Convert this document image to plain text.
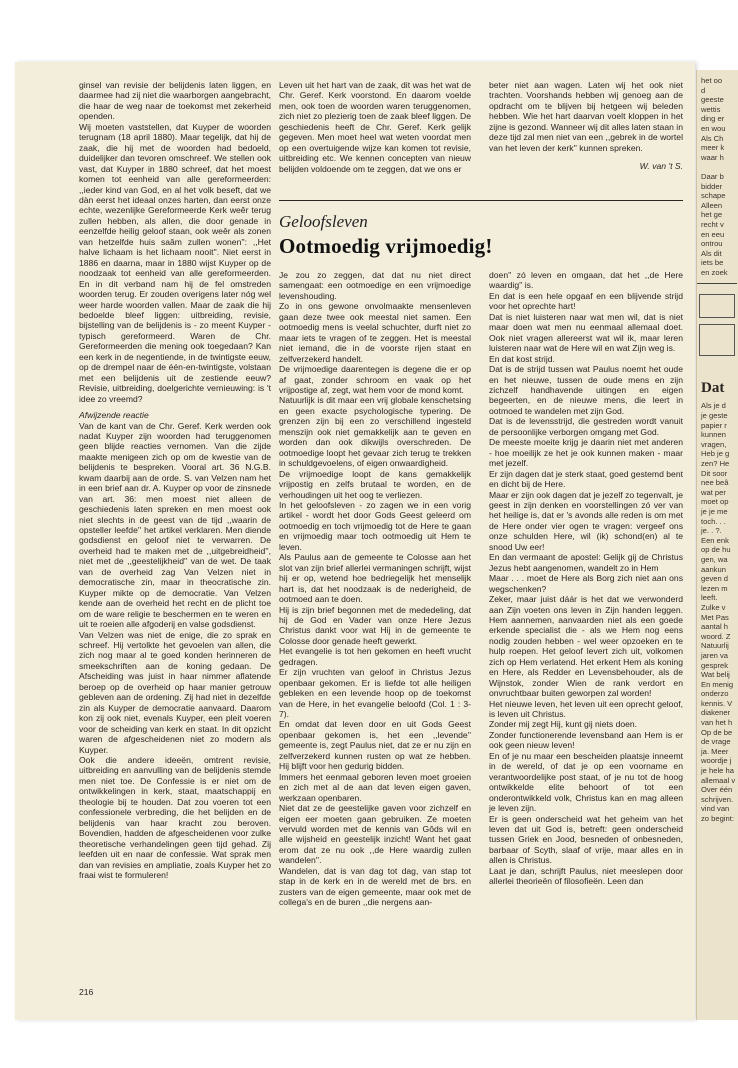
ginsel van revisie der belijdenis laten liggen, en daarmee had zij niet die waarborgen aangebracht, die haar de weg naar de toekomst met zekerheid openden.

Wij moeten vaststellen, dat Kuyper de woorden terugnam (18 april 1880). Maar tegelijk, dat hij de zaak, die hij met de woorden had bedoeld, duidelijker dan tevoren omschreef. We stellen ook vast, dat Kuyper in 1880 schreef, dat het moest komen tot eenheid van alle gereformeerden: ,,ieder kind van God, en al het volk beseft, dat we dàn eerst het ideaal onzes harten, dan eerst onze echte, wezenlijke Gereformeerde Kerk weêr terug zullen hebben, als allen, die door genade in eenzelfde heilig geloof staan, ook weêr als zonen van hetzelfde huis saâm zullen wonen'': ,,Het halve lichaam is het lichaam nooit''. Niet eerst in 1886 en daarna, maar in 1880 wijst Kuyper op de noodzaak tot eenheid van alle gereformeerden. En in dit verband nam hij de fel omstreden woorden terug. Er zouden overigens later nóg wel weer harde woorden vallen. Maar de zaak die hij bedoelde bleef liggen: uitbreiding, revisie, bijstelling van de belijdenis is - zo meent Kuyper - typisch gereformeerd. Waren de Chr. Gereformeerden die mening ook toegedaan? Kan een kerk in de negentiende, in de twintigste eeuw, op de drempel naar de één-en-twintigste, volstaan met een belijdenis uit de zestiende eeuw? Revisie, uitbreiding, doelgerichte vernieuwing: is 't idee zo vreemd?

Afwijzende reactie

Van de kant van de Chr. Geref. Kerk werden ook nadat Kuyper zijn woorden had teruggenomen geen blijde reacties vernomen. Van die zijde maakte menigeen zich op om de kwestie van de belijdenis te bespreken. Vooral art. 36 N.G.B. kwam daarbij aan de orde. S. van Velzen nam het in een brief aan dr. A. Kuyper op voor de zinsnede van art. 36: men moest niet alleen de geschiedenis laten spreken en men moest ook niet slechts in de geest van de tijd ,,waarin de opsteller leefde'' het artikel verklaren. Men diende godsdienst en geloof niet te verwarren. De overheid had te maken met de ,,uitgebreidheid'', niet met de ,,geestelijkheid'' van de wet. De taak van de overheid zag Van Velzen niet in democratische zin, maar in theocratische zin. Kuyper mikte op de democratie. Van Velzen kende aan de overheid het recht en de plicht toe om de ware religie te beschermen en te weren en uit te roeien alle afgoderij en valse godsdienst.

Van Velzen was niet de enige, die zo sprak en schreef. Hij vertolkte het gevoelen van allen, die zich nog maar al te goed konden herinneren de smeekschriften aan de koning gedaan. De Afscheiding was juist in haar nimmer aflatende beroep op de overheid op haar manier getrouw gebleven aan de ordening. Zij had niet in dezelfde zin als Kuyper de democratie aanvaard. Daarom kon zij ook niet, evenals Kuyper, een pleit voeren voor de scheiding van kerk en staat. In dit opzicht waren de afgescheidenen niet zo modern als Kuyper.

Ook die andere ideeën, omtrent revisie, uitbreiding en aanvulling van de belijdenis stemde men niet toe. De Confessie is er niet om de ontwikkelingen in kerk, staat, maatschappij en theologie bij te houden. Dat zou voeren tot een confessionele verbreding, die het belijden en de belijdenis van haar kracht zou beroven. Bovendien, hadden de afgescheidenen voor zulke theoretische verhandelingen geen tijd gehad. Zij leefden uit en naar de confessie. Wat sprak men dan van revisies en ampliatie, zoals Kuyper het zo fraai wist te formuleren!

Leven uit het hart van de zaak, dit was het wat de Chr. Geref. Kerk voorstond. En daarom voelde men, ook toen de woorden waren teruggenomen, zich niet zo plezierig toen de zaak bleef liggen. De geschiedenis heeft de Chr. Geref. Kerk gelijk gegeven. Men moet heel wat weten voordat men op een overtuigende wijze kan komen tot revisie, uitbreiding etc. We kennen concepten van nieuw belijden voldoende om te zeggen, dat we ons er

beter niet aan wagen. Laten wij het ook niet trachten. Voorshands hebben wij genoeg aan de opdracht om te blijven bij hetgeen wij beleden hebben. Wie het hart daarvan voelt kloppen in het zijne is gezond. Wanneer wij dit alles laten staan in deze tijd zal men niet van een ,,gebrek in de wortel van het leven der kerk'' kunnen spreken.

W. van 't S.

Geloofsleven
Ootmoedig vrijmoedig!

Je zou zo zeggen, dat dat nu niet direct samengaat: een ootmoedige en een vrijmoedige levenshouding.

Zo in ons gewone onvolmaakte mensenleven gaan deze twee ook meestal niet samen. Een ootmoedig mens is veelal schuchter, durft niet zo maar iets te vragen of te zeggen. Het is meestal niet iemand, die in de voorste rijen staat en zelfverzekerd handelt.

De vrijmoedige daarentegen is degene die er op af gaat, zonder schroom en vaak op het vrijpostige af, zegt, wat hem voor de mond komt.

Natuurlijk is dit maar een vrij globale kenschetsing en geen exacte psychologische typering. De grenzen zijn bij een zo verschillend ingesteld menszijn ook niet gemakkelijk aan te geven en worden dan ook dikwijls overschreden. De ootmoedige loopt het gevaar zich terug te trekken in schuldgevoelens, of eigen onwaardigheid.

De vrijmoedige loopt de kans gemakkelijk vrijpostig en zelfs brutaal te worden, en de verhoudingen uit het oog te verliezen.

In het geloofsleven - zo zagen we in een vorig artikel - wordt het door Gods Geest geleerd om ootmoedig en toch vrijmoedig tot de Here te gaan en vrijmoedig maar toch ootmoedig uit Hem te leven.

Als Paulus aan de gemeente te Colosse aan het slot van zijn brief allerlei vermaningen schrijft, wijst hij er op, wetend hoe bedriegelijk het menselijk hart is, dat het noodzaak is de nederigheid, de ootmoed aan te doen.

Hij is zijn brief begonnen met de mededeling, dat hij de God en Vader van onze Here Jezus Christus dankt voor wat Hij in de gemeente te Colosse door genade heeft gewerkt.

Het evangelie is tot hen gekomen en heeft vrucht gedragen.

Er zijn vruchten van geloof in Christus Jezus openbaar gekomen. Er is liefde tot alle heiligen gebleken en een levende hoop op de toekomst van de Here, in het evangelie beloofd (Col. 1 : 3-7).

En omdat dat leven door en uit Gods Geest openbaar gekomen is, het een ,,levende'' gemeente is, zegt Paulus niet, dat ze er nu zijn en zelfverzekerd kunnen rusten op wat ze hebben. Hij blijft voor hen gedurig bidden.

Immers het eenmaal geboren leven moet groeien en zich met al de aan dat leven eigen gaven, werkzaan openbaren.

Niet dat ze de geestelijke gaven voor zichzelf en eigen eer moeten gaan gebruiken. Ze moeten vervuld worden met de kennis van Gôds wil en alle wijsheid en geestelijk inzicht! Want het gaat erom dat ze nu ook ,,de Here waardig zullen wandelen''.

Wandelen, dat is van dag tot dag, van stap tot stap in de kerk en in de wereld met de brs. en zusters van de eigen gemeente, maar ook met de collega's en de buren ,,die nergens aan-

doen'' zó leven en omgaan, dat het ,,de Here waardig'' is.

En dat is een hele opgaaf en een blijvende strijd voor het oprechte hart!

Dat is niet luisteren naar wat men wil, dat is niet maar doen wat men nu eenmaal allemaal doet. Ook niet vragen allereerst wat wil ik, maar leren luisteren naar wat de Here wil en wat Zijn weg is.

En dat kost strijd.

Dat is de strijd tussen wat Paulus noemt het oude en het nieuwe, tussen de oude mens en zijn zichzelf handhavende uitingen en eigen begeerten, en de nieuwe mens, die leert in ootmoed te wandelen met zijn God.

Dat is de levensstrijd, die gestreden wordt vanuit de persoonlijke verborgen omgang met God.

De meeste moeite krijg je daarin niet met anderen - hoe moeilijk ze het je ook kunnen maken - maar met jezelf.

Er zijn dagen dat je sterk staat, goed gestemd bent en dicht bij de Here.

Maar er zijn ook dagen dat je jezelf zo tegenvalt, je geest in zijn denken en voorstellingen zó ver van het heilige is, dat er 's avonds alle reden is om met de Here onder vier ogen te vragen: vergeef ons onze schulden Here, wil (ik) schond(en) al te snood Uw eer!

En dan vermaant de apostel: Gelijk gij de Christus Jezus hebt aangenomen, wandelt zo in Hem

Maar . . . moet de Here als Borg zich niet aan ons wegschenken?

Zeker, maar juist dáár is het dat we verwonderd aan Zijn voeten ons leven in Zijn handen leggen. Hem aannemen, aanvaarden niet als een goede erkende specialist die - als we Hem nog eens nodig zouden hebben - wel weer opzoeken en te hulp roepen. Het geloof levert zich uit, volkomen zich op Hem verlatend. Het erkent Hem als koning en Here, als Redder en Levensbehouder, als de Wijnstok, zonder Wien de rank verdort en onvruchtbaar buiten geworpen zal worden!

Het nieuwe leven, het leven uit een oprecht geloof, is leven uit Christus.

Zonder mij zegt Hij, kunt gij niets doen.

Zonder functionerende levensband aan Hem is er ook geen nieuw leven!

En of je nu maar een bescheiden plaatsje inneemt in de wereld, of dat je op een voorname en verantwoordelijke post staat, of je nu tot de hoog ontwikkelde elite behoort of tot een onderontwikkeld volk, Christus kan en mag alleen je leven zijn.

Er is geen onderscheid wat het geheim van het leven dat uit God is, betreft: geen onderscheid tussen Griek en Jood, besneden of onbesneden, barbaar of Scyth, slaaf of vrije, maar alles en in allen is Christus.

Laat je dan, schrijft Paulus, niet meeslepen door allerlei theorieën of filosofieën. Leen dan

216
het oo
d
geeste
wettis
ding er
en wou
Als Ch
meer k
waar h

Daar b
bidder
schape
Alleen
het ge
recht v
en eeu
ontrou
Als dit
iets be
en zoek
Dat
Als je d
je geste
papier r
kunnen
vragen,
Heb je g
zen? He
Dit soor
nee beâ
wat per
moet op
je je me
toch. . .
je. . ?.
Een enk
op de hu
gen, wa
aankun
geven d
lezen m
leeft.
Zulke v
Met Pas
aantal h
woord. Z
Natuurlij
jaren va
gesprek
Wat belij
En menig
onderzo
kennis. V
diakener
van het h
Op de be
de vrage
ja. Meer
woordje j
je hele ha
allemaal v
Over één
schrijven.
vind van
zo begint:
